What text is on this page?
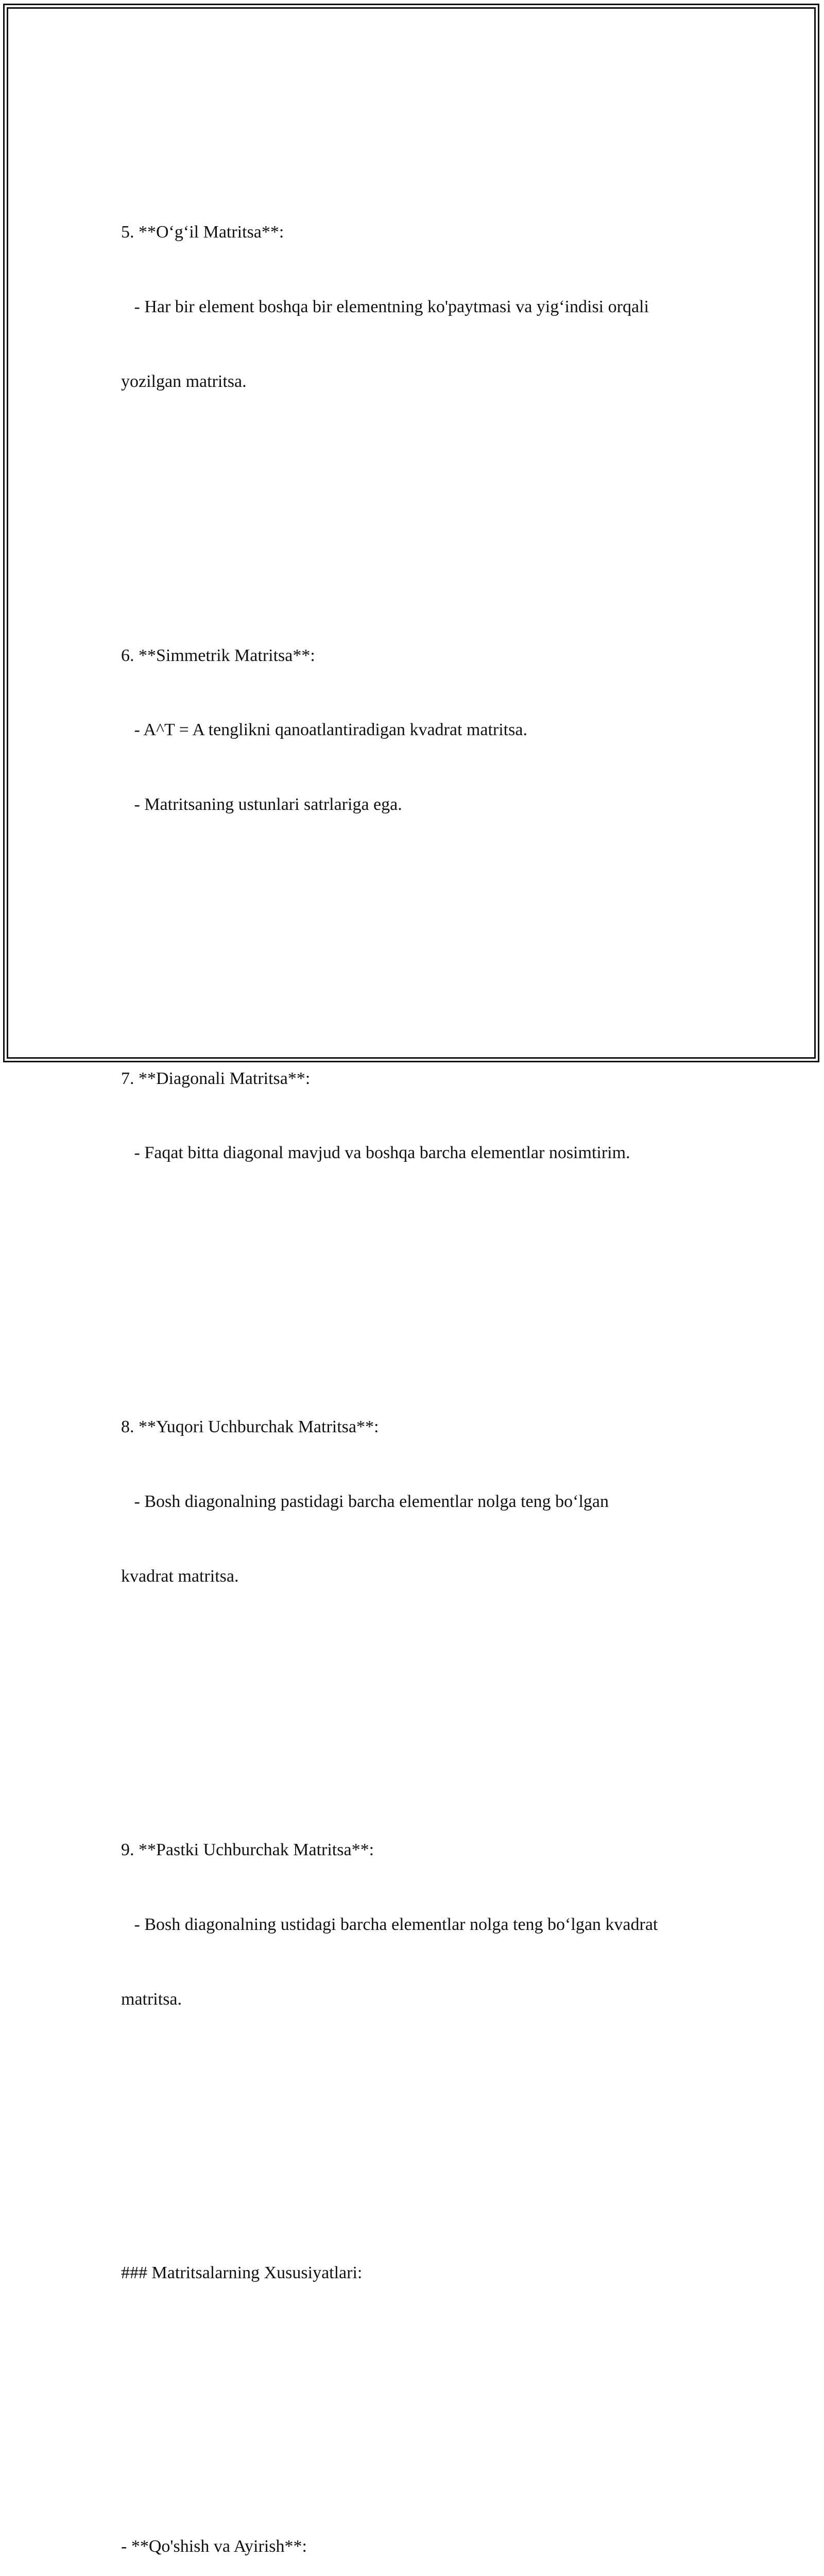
5. **O‘g‘il Matritsa**:

- Har bir element boshqa bir elementning ko'paytmasi va yig‘indisi orqali

yozilgan matritsa.

6. **Simmetrik Matritsa**:

- A^T = A tenglikni qanoatlantiradigan kvadrat matritsa.

- Matritsaning ustunlari satrlariga ega.

7. **Diagonali Matritsa**:

- Faqat bitta diagonal mavjud va boshqa barcha elementlar nosimtirim.

8. **Yuqori Uchburchak Matritsa**:

- Bosh diagonalning pastidagi barcha elementlar nolga teng bo‘lgan

kvadrat matritsa.

9. **Pastki Uchburchak Matritsa**:

- Bosh diagonalning ustidagi barcha elementlar nolga teng bo‘lgan kvadrat

matritsa.

### Matritsalarning Xususiyatlari:

- **Qo'shish va Ayirish**:
